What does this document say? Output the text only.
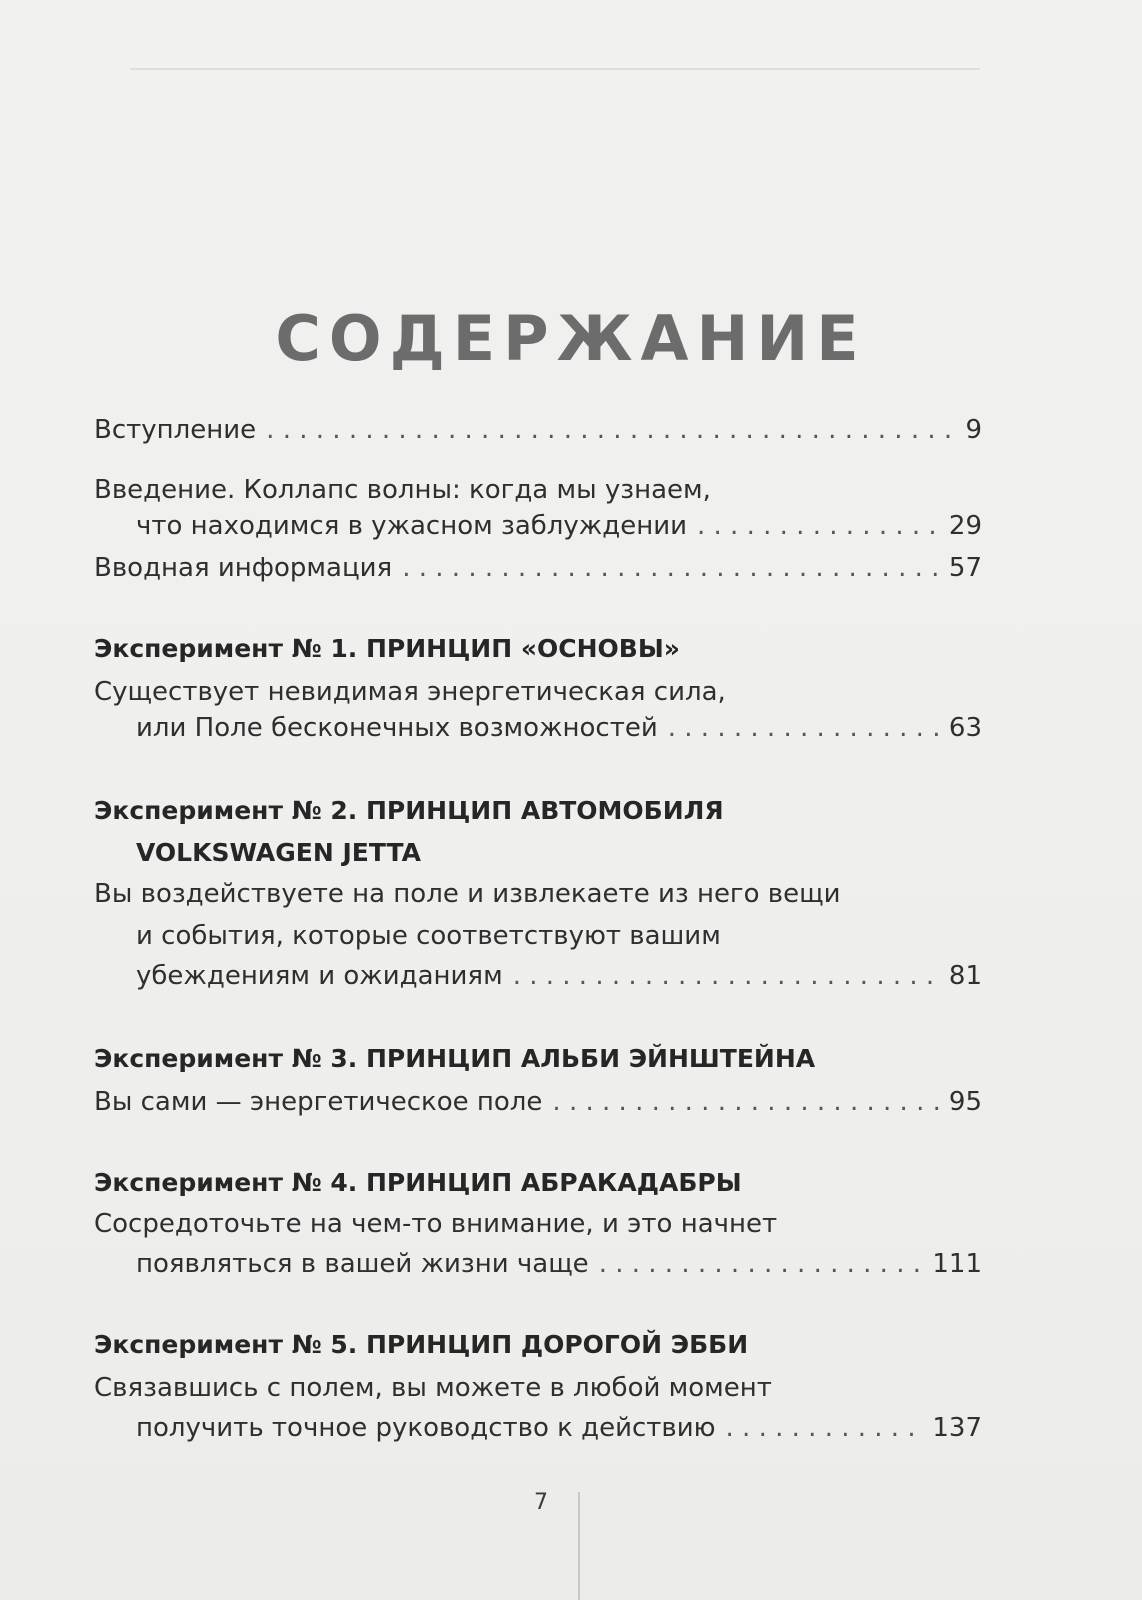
СОДЕРЖАНИЕ
Вступление . . .	9
Введение. Коллапс волны: когда мы узнаем,
что находимся в ужасном заблуждении . . .	29
Вводная информация . . .	57
Эксперимент № 1. ПРИНЦИП «ОСНОВЫ»
Существует невидимая энергетическая сила,
или Поле бесконечных возможностей . . .	63
Эксперимент № 2. ПРИНЦИП АВТОМОБИЛЯ
VOLKSWAGEN JETTA
Вы воздействуете на поле и извлекаете из него вещи
и события, которые соответствуют вашим
убеждениям и ожиданиям . . .	81
Эксперимент № 3. ПРИНЦИП АЛЬБИ ЭЙНШТЕЙНА
Вы сами — энергетическое поле . . .	95
Эксперимент № 4. ПРИНЦИП АБРАКАДАБРЫ
Сосредоточьте на чем-то внимание, и это начнет
появляться в вашей жизни чаще . . .	111
Эксперимент № 5. ПРИНЦИП ДОРОГОЙ ЭББИ
Связавшись с полем, вы можете в любой момент
получить точное руководство к действию . . .	137
7
